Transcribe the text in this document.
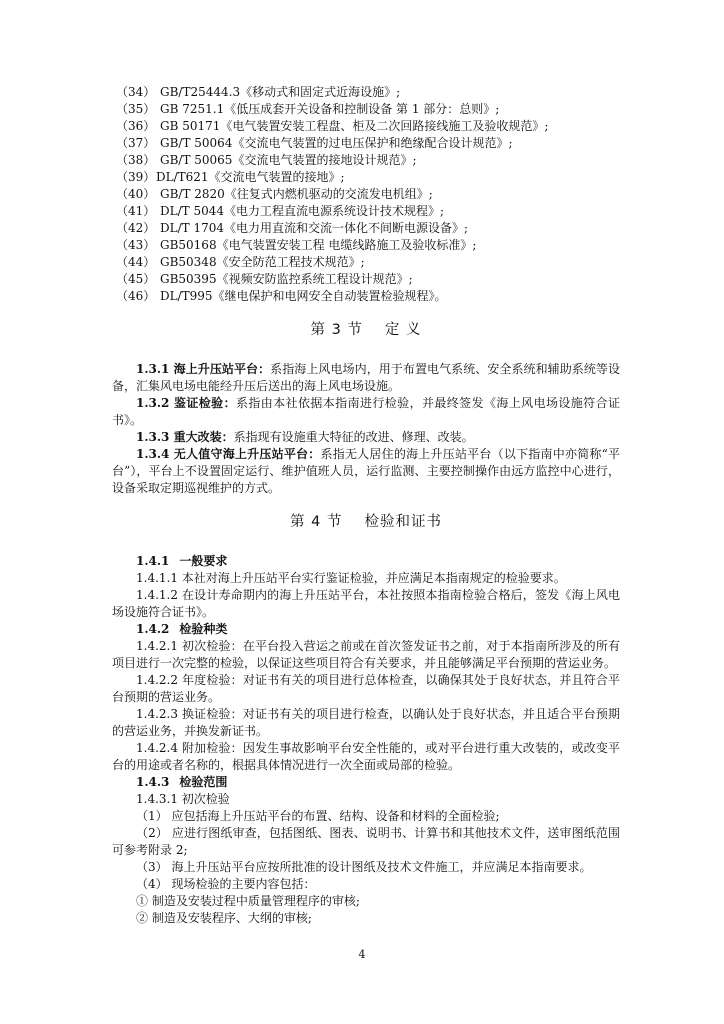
（34） GB/T25444.3《移动式和固定式近海设施》;
（35） GB 7251.1《低压成套开关设备和控制设备 第 1 部分：总则》;
（36） GB 50171《电气装置安装工程盘、柜及二次回路接线施工及验收规范》;
（37） GB/T 50064《交流电气装置的过电压保护和绝缘配合设计规范》;
（38） GB/T 50065《交流电气装置的接地设计规范》;
（39）DL/T621《交流电气装置的接地》;
（40） GB/T 2820《往复式内燃机驱动的交流发电机组》;
（41） DL/T 5044《电力工程直流电源系统设计技术规程》;
（42） DL/T 1704《电力用直流和交流一体化不间断电源设备》;
（43） GB50168《电气装置安装工程 电缆线路施工及验收标准》;
（44） GB50348《安全防范工程技术规范》;
（45） GB50395《视频安防监控系统工程设计规范》;
（46） DL/T995《继电保护和电网安全自动装置检验规程》。
第 3 节 定 义

1.3.1 海上升压站平台：系指海上风电场内，用于布置电气系统、安全系统和辅助系统等设备，汇集风电场电能经升压后送出的海上风电场设施。

1.3.2 鉴证检验：系指由本社依据本指南进行检验，并最终签发《海上风电场设施符合证书》。

1.3.3 重大改装：系指现有设施重大特征的改进、修理、改装。

1.3.4 无人值守海上升压站平台：系指无人居住的海上升压站平台（以下指南中亦简称“平台”），平台上不设置固定运行、维护值班人员，运行监测、主要控制操作由远方监控中心进行，设备采取定期巡视维护的方式。

第 4 节 检验和证书

1.4.1 一般要求

1.4.1.1 本社对海上升压站平台实行鉴证检验，并应满足本指南规定的检验要求。

1.4.1.2 在设计寿命期内的海上升压站平台，本社按照本指南检验合格后，签发《海上风电场设施符合证书》。

1.4.2 检验种类

1.4.2.1 初次检验：在平台投入营运之前或在首次签发证书之前，对于本指南所涉及的所有项目进行一次完整的检验，以保证这些项目符合有关要求，并且能够满足平台预期的营运业务。

1.4.2.2 年度检验：对证书有关的项目进行总体检查，以确保其处于良好状态，并且符合平台预期的营运业务。

1.4.2.3 换证检验：对证书有关的项目进行检查，以确认处于良好状态，并且适合平台预期的营运业务，并换发新证书。

1.4.2.4 附加检验：因发生事故影响平台安全性能的，或对平台进行重大改装的，或改变平台的用途或者名称的，根据具体情况进行一次全面或局部的检验。

1.4.3 检验范围

1.4.3.1 初次检验

（1） 应包括海上升压站平台的布置、结构、设备和材料的全面检验;

（2） 应进行图纸审查，包括图纸、图表、说明书、计算书和其他技术文件，送审图纸范围可参考附录 2;

（3） 海上升压站平台应按所批准的设计图纸及技术文件施工，并应满足本指南要求。

（4） 现场检验的主要内容包括：

① 制造及安装过程中质量管理程序的审核;

② 制造及安装程序、大纲的审核;

4
